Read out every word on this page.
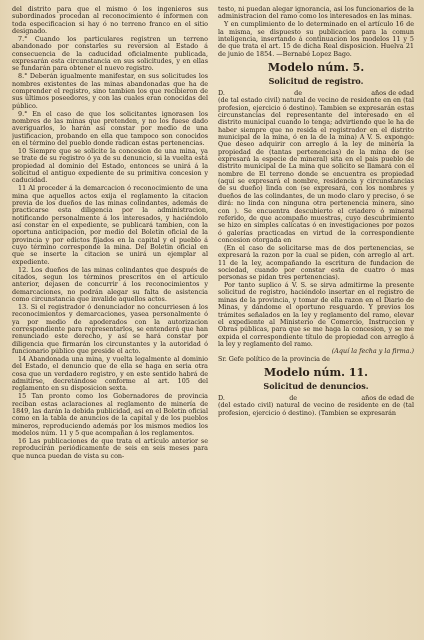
del distrito para que el mismo ó los ingenieros sus subordinados procedan al reconocimiento é informen con toda especificacion si hay ó no terreno franco en el sitio designado.

7.° Cuando los particulares registren un terreno abandonado por constarles su reversion al Estado á consecuencia de la caducidad oficialmente publicada, expresarán esta circunstancia en sus solicitudes, y en ellas se fundarán para obtener el nuevo registro.

8.° Deberán igualmente manifestar, en sus solicitudes los nombres existentes de las minas abandonadas que ha de comprender el registro, sino tambien los que recibieron de sus últimos poseedores, y con las cuales eran conocidas del público.

9.° En el caso de que los solicitantes ignorasen los nombres de las minas que pretenden, y no los fuese dado averiguarlos, lo harán asi constar por medio de una justificacion, probando en ella que tampoco son conocidos en el término del pueblo donde radican estas pertenencias.

10 Siempre que se solicite la concesion de una mina, ya se trate de su registro ó ya de su denuncio, si la vuelta está propiedad al dominio del Estado, entonces se unirá á la solicitud el antiguo expediente de su primitiva concesion y caducidad.

11 Al proceder á la demarcacion ó reconocimiento de una mina que aquellos actos exija el reglamento la citacion previa de los dueños de las minas colindantes, además de practicarse esta diligencia por la administracion, notificando personalmente á los interesados, y haciéndolo así constar en el expediente, se publicará tambien, con la oportuna anticipacion, por medio del Boletin oficial de la provincia y por edictos fijados en la capital y el pueblo á cuyo término corresponde la mina. Del Boletin oficial en que se inserte la citacion se unirá un ejemplar al expediente.

12. Los dueños de las minas colindantes que después de citados, segun los términos prescritos en el artículo anterior, dejasen de concurrir á los reconocimientos y demarcaciones, no podrán alegar su falta de asistencia como circunstancia que invalide aquellos actos.

13. Si el registrador ó denunciador no concurriesen á los reconocimientos y demarcaciones, yasea personalmente ó ya por medio de apoderados con la autorizacion correspondiente para representarlos, se entenderá que han renunciado este derecho, y así se hará constar por diligencia que firmarán los circunstantes y la autoridad ó funcionario público que preside el acto.

14 Abandonada una mina, y vuelta legalmente al dominio del Estado, el denuncio que de ella se haga en seria otra cosa que un verdadero registro, y en este sentido habrá de admitirse, decretándose conforme al art. 105 del reglamento en su disposicion sexta.

15 Tan pronto como los Gobernadores de provincia reciban estas aclaraciones al reglamento de minería de 1849, las darán la debida publicidad, así en el Boletin oficial como en la tabla de anuncios de la capital y de los pueblos mineros, reproduciendo además por los mismos medios los modelos núm. 11 y 5 que acompañan á los reglamentos.

16 Las publicaciones de que trata el artículo anterior se reproducirán periódicamente de seis en seis meses para que nunca puedan de vista su con-

testo, ni puedan alegar ignorancia, asi los funcionarios de la administracion del ramo como los interesados en las minas.

Y en cumplimiento de lo determinado en el artículo 16 de la misma, se dispuesto su publicacion para la comun inteligencia, insertando á continuacion los modelos 11 y 5 de que trata el art. 15 de dicha Real disposicion. Huelva 21 de junio de 1854. —Bernabé Lopez Bago.

Modelo núm. 5.
Solicitud de registro.
D.	de	años de edad

(de tal estado civil) natural de vecino de residente en en (tal profesion, ejercicio ó destino). Tambien se expresarán estas circunstancias del representante del interesado en el distrito municipal cuando lo tenga; advirtiendo que le ha de haber siempre que no resida el registrador en el distrito municipal de la mina, ó en la de la mina) A V. S. expongo: Que deseo adquirir con arreglo á la ley de minería la propiedad de (tantas pertenencias) de la mina de (se expresará la especie de mineral) sita en el pais pueblo de distrito municipal de La mina que solicito se llamará con el nombre de El terreno donde se encuentra es propiedad (aquí se expresará el nombre, residencia y circunstancias de su dueño) linda con (se expresará, con los nombres y dueños de las colindantes, de un modo claro y preciso, ó se dirá: no linda con ninguna otra pertenencia minera, sino con ). Se encuentra descubierto el criadero ó mineral referido, de que acompaño muestras, cuyo descubrimiento se hizo en simples calicatas ó en investigaciones por pozos ó galerías practicadas en virtud de la correspondiente concesion otorgada en

(En el caso de solicitarse mas de dos pertenencias, se expresará la razon por la cual se piden, con arreglo al art. 11 de la ley, acompañando la escritura de fundacion de sociedad, cuando por constar esta de cuatro ó mas personas se pidan tres pertenencias).

Por tanto suplico á V. S. se sirva admitirme la presente solicitud de registro, haciéndolo insertar en el registro de minas de la provincia, y tomar de ella razon en el Diario de Minas, y dándome el oportuno resguardo. Y previos los trámites señalados en la ley y reglamento del ramo, elevar el expediente al Ministerio de Comercio, Instruccion y Obras públicas, para que se me haga la concesion, y se me expida el correspondiente título de propiedad con arreglo á la ley y reglamento del ramo.

(Aquí la fecha y la firma.)

Sr. Gefe político de la provincia de

Modelo núm. 11.
Solicitud de denuncios.
D.	de	años de edad de

(del estado civil) natural de vecino de residente en de (tal profesion, ejercicio ó destino). (Tambien se expresarán
